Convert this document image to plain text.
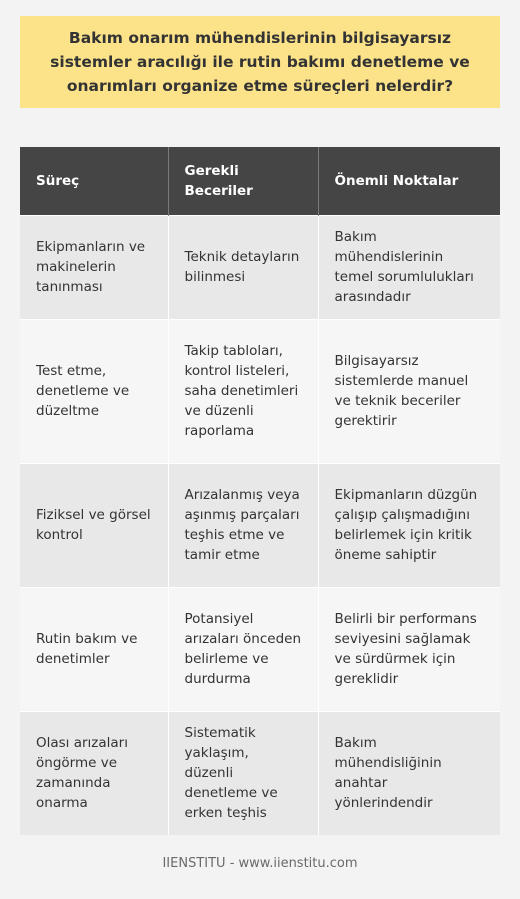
Bakım onarım mühendislerinin bilgisayarsız sistemler aracılığı ile rutin bakımı denetleme ve onarımları organize etme süreçleri nelerdir?
Süreç	Gerekli Beceriler	Önemli Noktalar
Ekipmanların ve makinelerin tanınması	Teknik detayların bilinmesi	Bakım mühendislerinin temel sorumlulukları arasındadır
Test etme, denetleme ve düzeltme	Takip tabloları, kontrol listeleri, saha denetimleri ve düzenli raporlama	Bilgisayarsız sistemlerde manuel ve teknik beceriler gerektirir
Fiziksel ve görsel kontrol	Arızalanmış veya aşınmış parçaları teşhis etme ve tamir etme	Ekipmanların düzgün çalışıp çalışmadığını belirlemek için kritik öneme sahiptir
Rutin bakım ve denetimler	Potansiyel arızaları önceden belirleme ve durdurma	Belirli bir performans seviyesini sağlamak ve sürdürmek için gereklidir
Olası arızaları öngörme ve zamanında onarma	Sistematik yaklaşım, düzenli denetleme ve erken teşhis	Bakım mühendisliğinin anahtar yönlerindendir
IIENSTITU - www.iienstitu.com
